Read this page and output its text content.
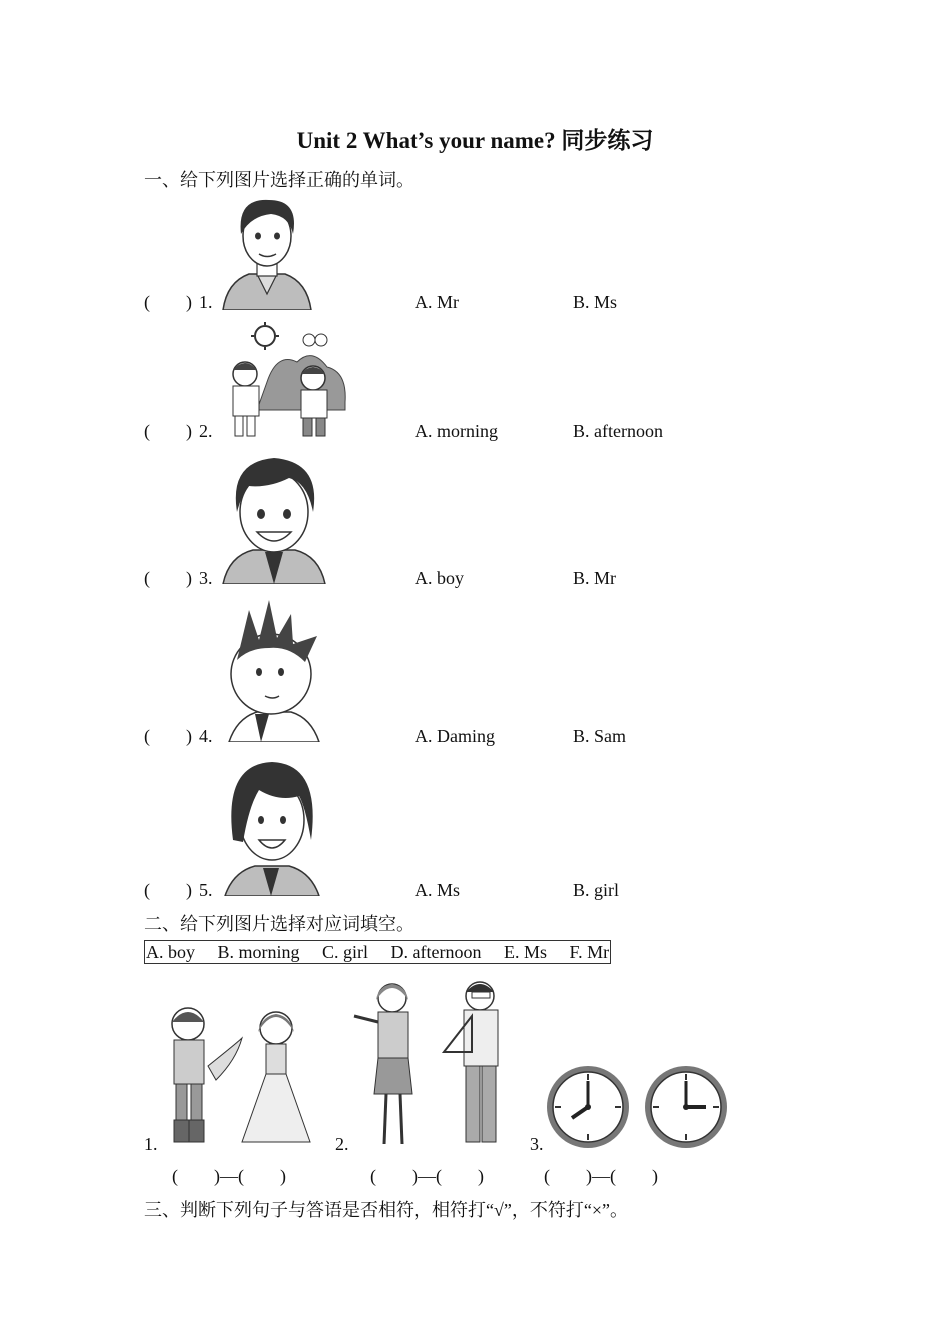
Unit 2 What’s your name? 同步练习
一、给下列图片选择正确的单词。
(        ) 1.	A. Mr	B. Ms
(        ) 2.	A. morning	B. afternoon
(        ) 3.	A. boy	B. Mr
(        ) 4.	A. Daming	B. Sam
(        ) 5.	A. Ms	B. girl
二、给下列图片选择对应词填空。
A. boy B. morning C. girl D. afternoon E. Ms F. Mr
1.
(        )—(        )
2.
(        )—(        )
3.
(        )—(        )
三、判断下列句子与答语是否相符，相符打“√”，不符打“×”。
